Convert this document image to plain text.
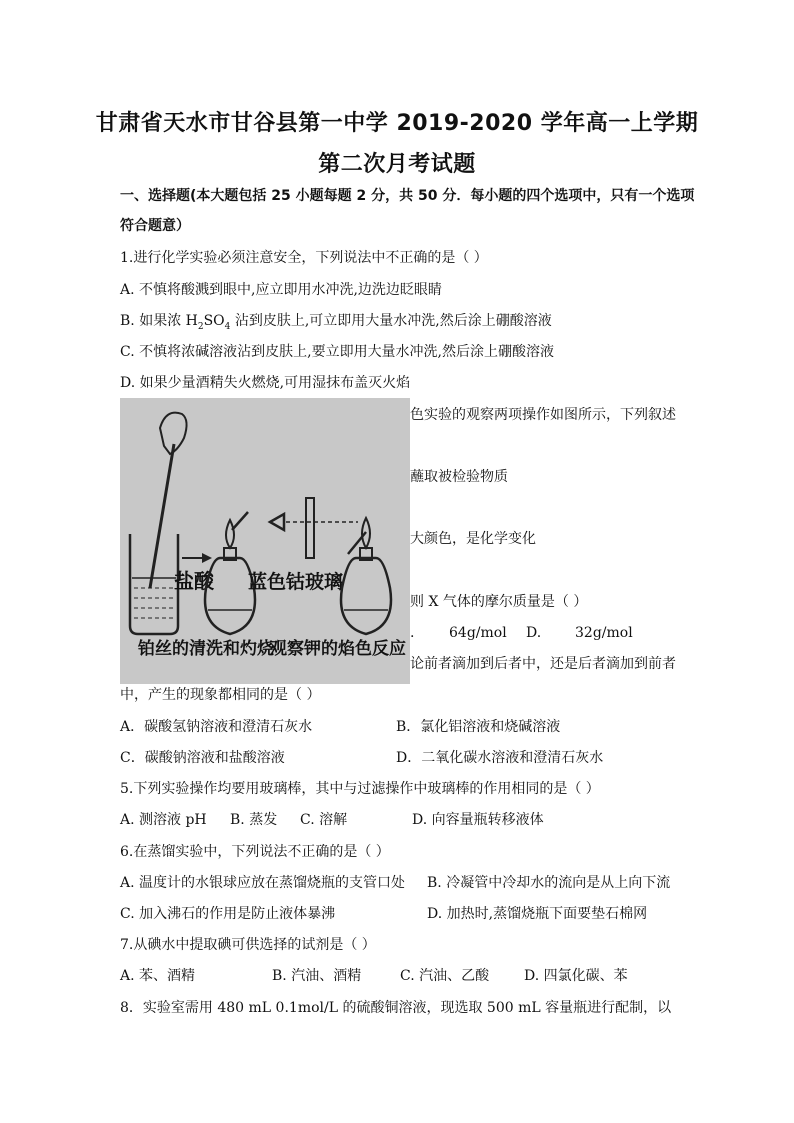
甘肃省天水市甘谷县第一中学 2019-2020 学年高一上学期
第二次月考试题
一、选择题(本大题包括 25 小题每题 2 分，共 50 分．每小题的四个选项中，只有一个选项
符合题意）
1.进行化学实验必须注意安全，下列说法中不正确的是（ ）
A. 不慎将酸溅到眼中,应立即用水冲洗,边洗边眨眼睛
B. 如果浓 $H_2SO_4$ 沾到皮肤上,可立即用大量水冲洗,然后涂上硼酸溶液
C. 不慎将浓碱溶液沾到皮肤上,要立即用大量水冲洗,然后涂上硼酸溶液
D. 如果少量酒精失火燃烧,可用湿抹布盖灭火焰
盐酸 蓝色钴玻璃
铂丝的清洗和灼烧
观察钾的焰色反应
色实验的观察两项操作如图所示，下列叙述
蘸取被检验物质
大颜色，是化学变化
则 X 气体的摩尔质量是（ ）
. 64g/mol D. 32g/mol
论前者滴加到后者中，还是后者滴加到前者
中，产生的现象都相同的是（ ）
A．碳酸氢钠溶液和澄清石灰水	B．氯化铝溶液和烧碱溶液
C．碳酸钠溶液和盐酸溶液	D．二氧化碳水溶液和澄清石灰水
5.下列实验操作均要用玻璃棒，其中与过滤操作中玻璃棒的作用相同的是（ ）
A. 测溶液 pH B. 蒸发 C. 溶解	D. 向容量瓶转移液体
6.在蒸馏实验中，下列说法不正确的是（ ）
A. 温度计的水银球应放在蒸馏烧瓶的支管口处 B. 冷凝管中冷却水的流向是从上向下流
C. 加入沸石的作用是防止液体暴沸	D. 加热时,蒸馏烧瓶下面要垫石棉网
7.从碘水中提取碘可供选择的试剂是（ ）
A. 苯、酒精	B. 汽油、酒精	C. 汽油、乙酸 D. 四氯化碳、苯
8．实验室需用 480 mL 0.1mol/L 的硫酸铜溶液，现选取 500 mL 容量瓶进行配制，以
